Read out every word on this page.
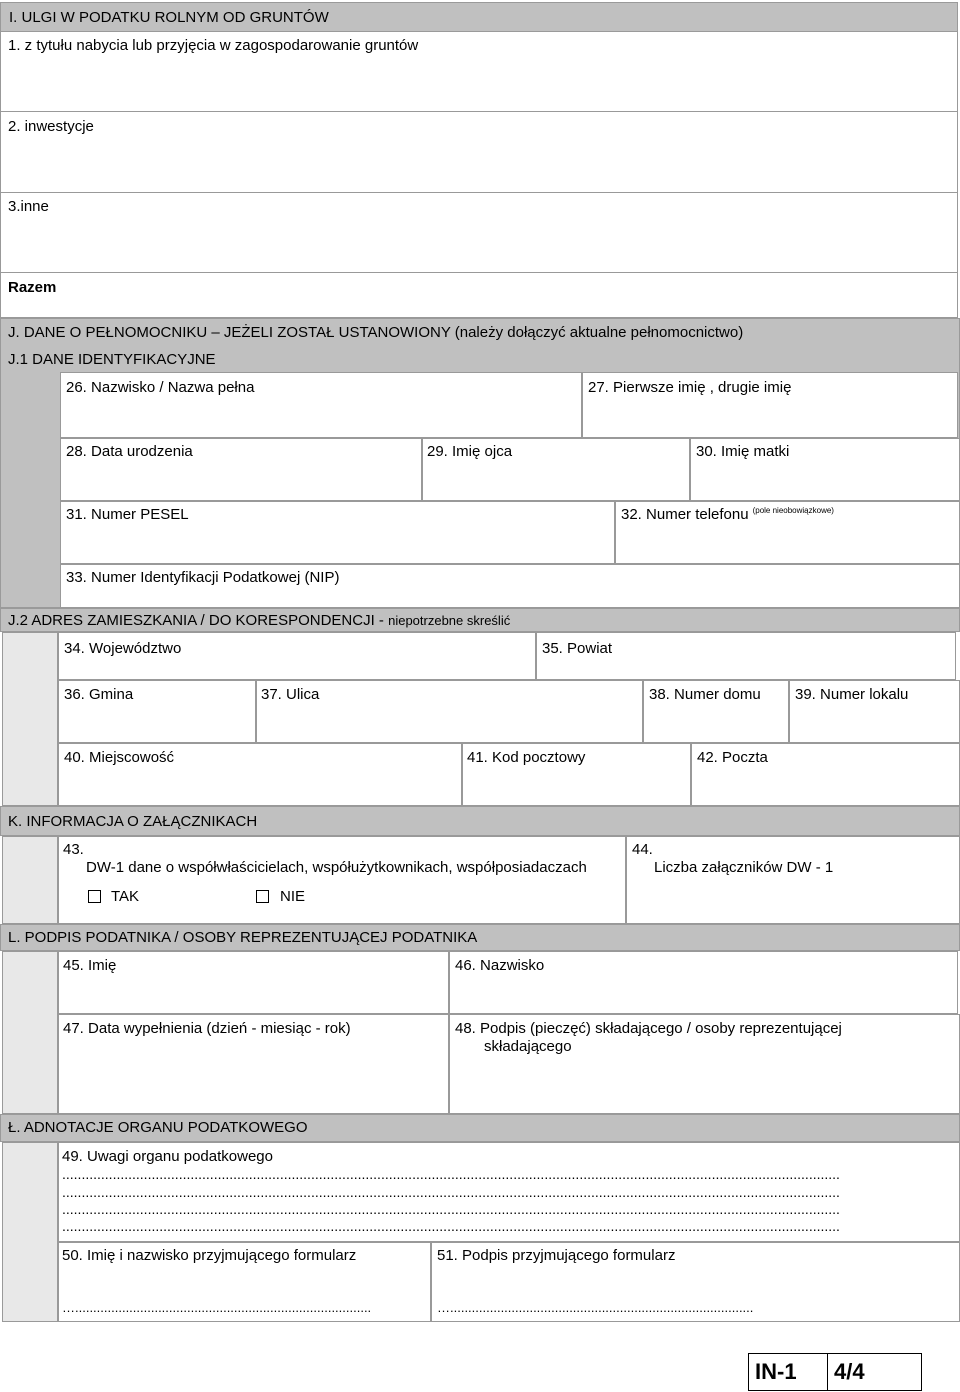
I. ULGI W PODATKU ROLNYM OD GRUNTÓW
1. z tytułu nabycia lub przyjęcia w zagospodarowanie gruntów
2. inwestycje
3.inne
Razem
J. DANE O PEŁNOMOCNIKU – JEŻELI ZOSTAŁ USTANOWIONY (należy dołączyć aktualne pełnomocnictwo)
J.1 DANE IDENTYFIKACYJNE
26. Nazwisko / Nazwa pełna	27. Pierwsze imię , drugie imię
28. Data urodzenia	29. Imię ojca	30. Imię matki
31. Numer PESEL	32. Numer telefonu $^{(pole nieobowiązkowe)}$
33. Numer Identyfikacji Podatkowej (NIP)
J.2 ADRES ZAMIESZKANIA / DO KORESPONDENCJI - niepotrzebne skreślić
34. Województwo	35. Powiat
36. Gmina	37. Ulica	38. Numer domu 39. Numer lokalu
40. Miejscowość	41. Kod pocztowy	42. Poczta
K. INFORMACJA O ZAŁĄCZNIKACH
43.
DW-1 dane o współwłaścicielach, współużytkownikach, współposiadaczach
TAK	NIE
44.
Liczba załączników DW - 1
L. PODPIS PODATNIKA / OSOBY REPREZENTUJĄCEJ PODATNIKA
45. Imię	46. Nazwisko
47. Data wypełnienia (dzień - miesiąc - rok)	48. Podpis (pieczęć) składającego / osoby reprezentującej
składającego
Ł. ADNOTACJE ORGANU PODATKOWEGO
49. Uwagi organu podatkowego
........................................................................................................................................................................................................
........................................................................................................................................................................................................
........................................................................................................................................................................................................
........................................................................................................................................................................................................
50. Imię i nazwisko przyjmującego formularz	51. Podpis przyjmującego formularz
…..................................................................................	…....................................................................................
IN-1 4/4
